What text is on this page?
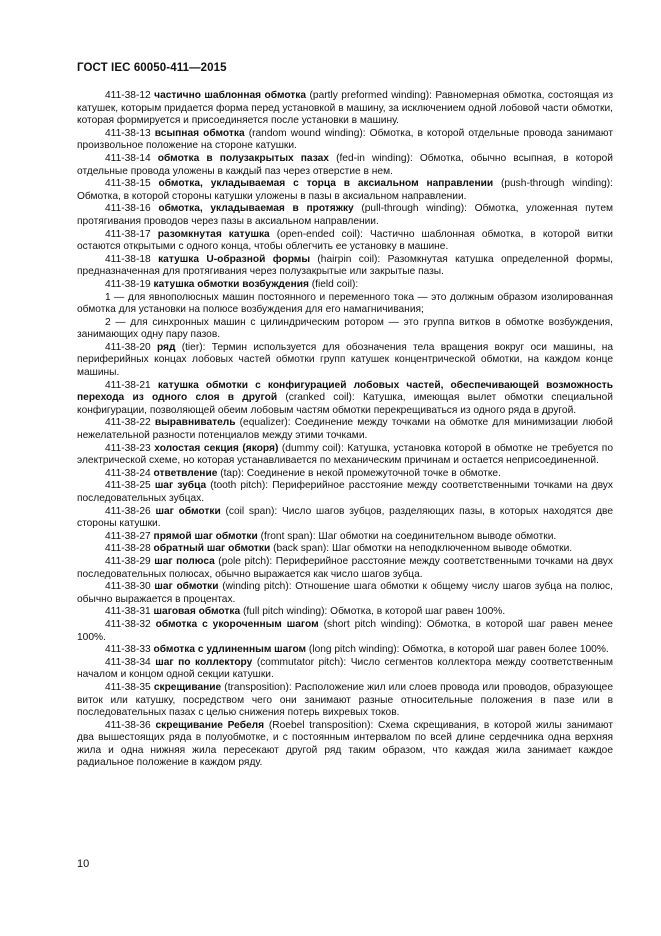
ГОСТ IEC 60050-411—2015

411-38-12 частично шаблонная обмотка (partly preformed winding): Равномерная обмотка, состоящая из катушек, которым придается форма перед установкой в машину, за исключением одной лобовой части обмотки, которая формируется и присоединяется после установки в машину.

411-38-13 всыпная обмотка (random wound winding): Обмотка, в которой отдельные провода занимают произвольное положение на стороне катушки.

411-38-14 обмотка в полузакрытых пазах (fed-in winding): Обмотка, обычно всыпная, в которой отдельные провода уложены в каждый паз через отверстие в нем.

411-38-15 обмотка, укладываемая с торца в аксиальном направлении (push-through winding): Обмотка, в которой стороны катушки уложены в пазы в аксиальном направлении.

411-38-16 обмотка, укладываемая в протяжку (pull-through winding): Обмотка, уложенная путем протягивания проводов через пазы в аксиальном направлении.

411-38-17 разомкнутая катушка (open-ended coil): Частично шаблонная обмотка, в которой витки остаются открытыми с одного конца, чтобы облегчить ее установку в машине.

411-38-18 катушка U-образной формы (hairpin coil): Разомкнутая катушка определенной формы, предназначенная для протягивания через полузакрытые или закрытые пазы.

411-38-19 катушка обмотки возбуждения (field coil):

1 — для явнополюсных машин постоянного и переменного тока — это должным образом изолированная обмотка для установки на полюсе возбуждения для его намагничивания;

2 — для синхронных машин с цилиндрическим ротором — это группа витков в обмотке возбуждения, занимающих одну пару пазов.

411-38-20 ряд (tier): Термин используется для обозначения тела вращения вокруг оси машины, на периферийных концах лобовых частей обмотки групп катушек концентрической обмотки, на каждом конце машины.

411-38-21 катушка обмотки с конфигурацией лобовых частей, обеспечивающей возможность перехода из одного слоя в другой (cranked coil): Катушка, имеющая вылет обмотки специальной конфигурации, позволяющей обеим лобовым частям обмотки перекрещиваться из одного ряда в другой.

411-38-22 выравниватель (equalizer): Соединение между точками на обмотке для минимизации любой нежелательной разности потенциалов между этими точками.

411-38-23 холостая секция (якоря) (dummy coil): Катушка, установка которой в обмотке не требуется по электрической схеме, но которая устанавливается по механическим причинам и остается неприсоединенной.

411-38-24 ответвление (tap): Соединение в некой промежуточной точке в обмотке.

411-38-25 шаг зубца (tooth pitch): Периферийное расстояние между соответственными точками на двух последовательных зубцах.

411-38-26 шаг обмотки (coil span): Число шагов зубцов, разделяющих пазы, в которых находятся две стороны катушки.

411-38-27 прямой шаг обмотки (front span): Шаг обмотки на соединительном выводе обмотки.

411-38-28 обратный шаг обмотки (back span): Шаг обмотки на неподключенном выводе обмотки.

411-38-29 шаг полюса (pole pitch): Периферийное расстояние между соответственными точками на двух последовательных полюсах, обычно выражается как число шагов зубца.

411-38-30 шаг обмотки (winding pitch): Отношение шага обмотки к общему числу шагов зубца на полюс, обычно выражается в процентах.

411-38-31 шаговая обмотка (full pitch winding): Обмотка, в которой шаг равен 100%.

411-38-32 обмотка с укороченным шагом (short pitch winding): Обмотка, в которой шаг равен менее 100%.

411-38-33 обмотка с удлиненным шагом (long pitch winding): Обмотка, в которой шаг равен более 100%.

411-38-34 шаг по коллектору (commutator pitch): Число сегментов коллектора между соответственным началом и концом одной секции катушки.

411-38-35 скрещивание (transposition): Расположение жил или слоев провода или проводов, образующее виток или катушку, посредством чего они занимают разные относительные положения в пазе или в последовательных пазах с целью снижения потерь вихревых токов.

411-38-36 скрещивание Ребеля (Roebel transposition): Схема скрещивания, в которой жилы занимают два вышестоящих ряда в полуобмотке, и с постоянным интервалом по всей длине сердечника одна верхняя жила и одна нижняя жила пересекают другой ряд таким образом, что каждая жила занимает каждое радиальное положение в каждом ряду.

10
